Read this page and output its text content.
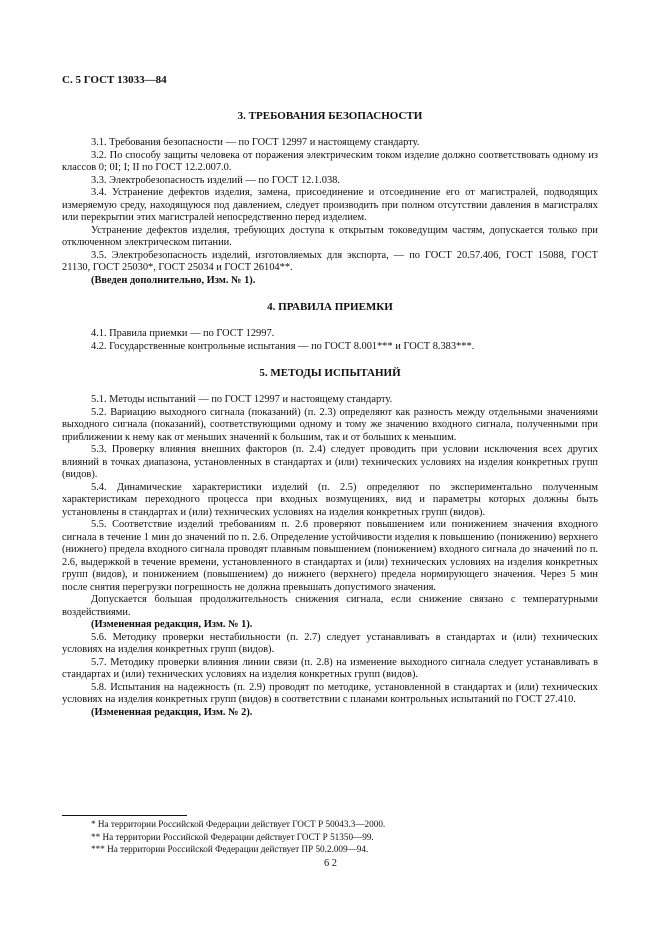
С. 5 ГОСТ 13033—84

3. ТРЕБОВАНИЯ БЕЗОПАСНОСТИ

3.1. Требования безопасности — по ГОСТ 12997 и настоящему стандарту.

3.2. По способу защиты человека от поражения электрическим током изделие должно соответствовать одному из классов 0; 0I; I; II по ГОСТ 12.2.007.0.

3.3. Электробезопасность изделий — по ГОСТ 12.1.038.

3.4. Устранение дефектов изделия, замена, присоединение и отсоединение его от магистралей, подводящих измеряемую среду, находящуюся под давлением, следует производить при полном отсутствии давления в магистралях или перекрытии этих магистралей непосредственно перед изделием.

Устранение дефектов изделия, требующих доступа к открытым токоведущим частям, допускается только при отключенном электрическом питании.

3.5. Электробезопасность изделий, изготовляемых для экспорта, — по ГОСТ 20.57.406, ГОСТ 15088, ГОСТ 21130, ГОСТ 25030*, ГОСТ 25034 и ГОСТ 26104**.

(Введен дополнительно, Изм. № 1).

4. ПРАВИЛА ПРИЕМКИ

4.1. Правила приемки — по ГОСТ 12997.

4.2. Государственные контрольные испытания — по ГОСТ 8.001*** и ГОСТ 8.383***.

5. МЕТОДЫ ИСПЫТАНИЙ

5.1. Методы испытаний — по ГОСТ 12997 и настоящему стандарту.

5.2. Вариацию выходного сигнала (показаний) (п. 2.3) определяют как разность между отдельными значениями выходного сигнала (показаний), соответствующими одному и тому же значению входного сигнала, полученными при приближении к нему как от меньших значений к большим, так и от больших к меньшим.

5.3. Проверку влияния внешних факторов (п. 2.4) следует проводить при условии исключения всех других влияний в точках диапазона, установленных в стандартах и (или) технических условиях на изделия конкретных групп (видов).

5.4. Динамические характеристики изделий (п. 2.5) определяют по экспериментально полученным характеристикам переходного процесса при входных возмущениях, вид и параметры которых должны быть установлены в стандартах и (или) технических условиях на изделия конкретных групп (видов).

5.5. Соответствие изделий требованиям п. 2.6 проверяют повышением или понижением значения входного сигнала в течение 1 мин до значений по п. 2.6. Определение устойчивости изделия к повышению (понижению) верхнего (нижнего) предела входного сигнала проводят плавным повышением (понижением) входного сигнала до значений по п. 2.6, выдержкой в течение времени, установленного в стандартах и (или) технических условиях на изделия конкретных групп (видов), и понижением (повышением) до нижнего (верхнего) предела нормирующего значения. Через 5 мин после снятия перегрузки погрешность не должна превышать допустимого значения.

Допускается большая продолжительность снижения сигнала, если снижение связано с температурными воздействиями.

(Измененная редакция, Изм. № 1).

5.6. Методику проверки нестабильности (п. 2.7) следует устанавливать в стандартах и (или) технических условиях на изделия конкретных групп (видов).

5.7. Методику проверки влияния линии связи (п. 2.8) на изменение выходного сигнала следует устанавливать в стандартах и (или) технических условиях на изделия конкретных групп (видов).

5.8. Испытания на надежность (п. 2.9) проводят по методике, установленной в стандартах и (или) технических условиях на изделия конкретных групп (видов) в соответствии с планами контрольных испытаний по ГОСТ 27.410.

(Измененная редакция, Изм. № 2).

* На территории Российской Федерации действует ГОСТ Р 50043.3—2000.

** На территории Российской Федерации действует ГОСТ Р 51350—99.

*** На территории Российской Федерации действует ПР 50.2.009—94.

6 2
